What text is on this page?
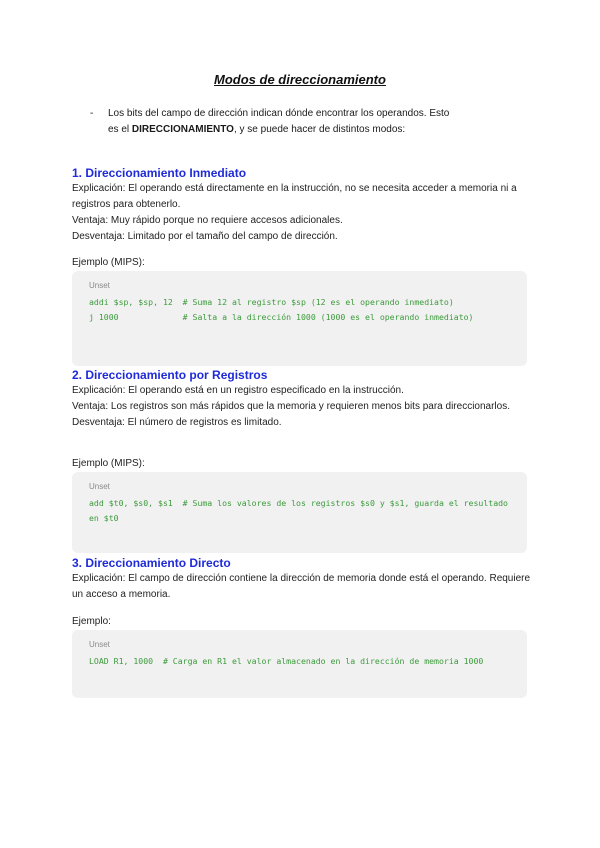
Modos de direccionamiento
- Los bits del campo de dirección indican dónde encontrar los operandos. Esto es el DIRECCIONAMIENTO, y se puede hacer de distintos modos:
1. Direccionamiento Inmediato

Explicación: El operando está directamente en la instrucción, no se necesita acceder a memoria ni a registros para obtenerlo.

Ventaja: Muy rápido porque no requiere accesos adicionales.

Desventaja: Limitado por el tamaño del campo de dirección.

Ejemplo (MIPS):
Unset
addi $sp, $sp, 12  # Suma 12 al registro $sp (12 es el operando inmediato)
j 1000             # Salta a la dirección 1000 (1000 es el operando inmediato)
2. Direccionamiento por Registros

Explicación: El operando está en un registro especificado en la instrucción.

Ventaja: Los registros son más rápidos que la memoria y requieren menos bits para direccionarlos.

Desventaja: El número de registros es limitado.

Ejemplo (MIPS):
Unset
add $t0, $s0, $s1  # Suma los valores de los registros $s0 y $s1, guarda el resultado en $t0
3. Direccionamiento Directo

Explicación: El campo de dirección contiene la dirección de memoria donde está el operando. Requiere un acceso a memoria.

Ejemplo:
Unset
LOAD R1, 1000  # Carga en R1 el valor almacenado en la dirección de memoria 1000
